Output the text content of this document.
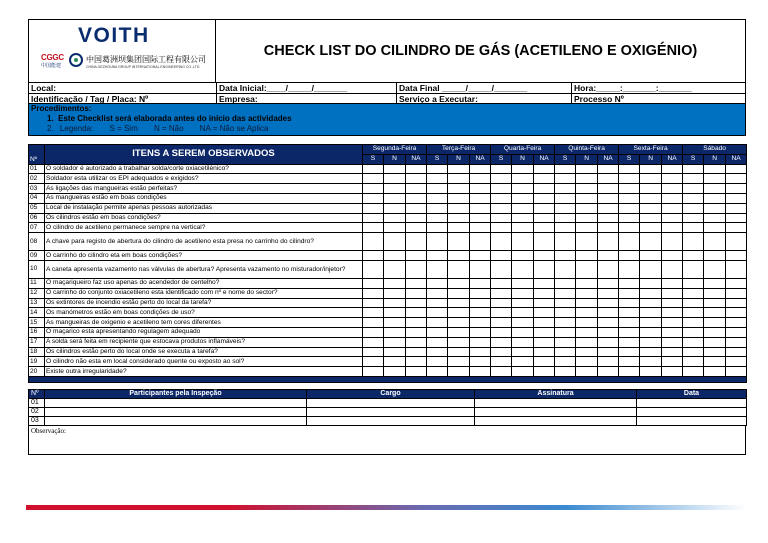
VOITH
CGGC
中国能建
中国葛洲坝集团国际工程有限公司
CHINA GEZHOUBA GROUP INTERNATIONAL ENGINEERING CO.,LTD.
CHECK LIST DO CILINDRO DE GÁS (ACETILENO E OXIGÉNIO)
Local:	Data Inicial:____/_____/_______	Data Final _____/_____/_______	Hora:_____:_______:_______
Identificação / Tag / Placa: Nº	Empresa:	Serviço a Executar:	Processo Nº
Procedimentos:
1. Este Checklist será elaborada antes do início das actividades
2. Legenda: S = Sim N = Não NA = Não se Aplica
Nº	ITENS A SEREM OBSERVADOS	Segunda-Feira			Terça-Feira			Quarta-Feira			Quinta-Feira			Sexta-Feira			Sábado		
		S	N	NA	S	N	NA	S	N	NA	S	N	NA	S	N	NA	S	N	NA
01	O soldador é autorizado a trabalhar solda/corte oxiacetilénico?																		
02	Soldador esta utilizar os EPI adequados e exigidos?																		
03	As ligações das mangueiras estão perfeitas?																		
04	As mangueiras estão em boas condições																		
05	Local de instalação permite apenas pessoas autorizadas																		
06	Os cilindros estão em boas condições?																		
07	O cilindro de acetileno permanece sempre na vertical?																		
08	A chave para registo de abertura do cilindro de acetileno esta presa no carrinho do cilindro?																		
09	O carrinho do cilindro eta em boas condições?																		
10	A caneta apresenta vazamento nas válvulas de abertura? Apresenta vazamento no misturador/injetor?																		
11	O maçariqueiro faz uso apenas do acendedor de centelho?																		
12	O carrinho do conjunto oxiacetileno esta identificado com nº e nome do sector?																		
13	Os extintores de incendio estão perto do local da tarefa?																		
14	Os manómetros estão em boas condições de uso?																		
15	As mangueiras de oxigenio e acetileno tem cores diferentes																		
16	O maçarico esta apresentando regulagem adequado																		
17	A solda será feita em recipiente que estocava produtos inflamáveis?																		
18	Os cilindros estão perto do local onde se executa a tarefa?																		
19	O cilindro não esta em local considerado quente ou exposto ao sol?																		
20	Existe outra irregularidade?																		

Nº	Participantes pela Inspeção	Cargo	Assinatura	Data
01				
02				
03				
Observação:
